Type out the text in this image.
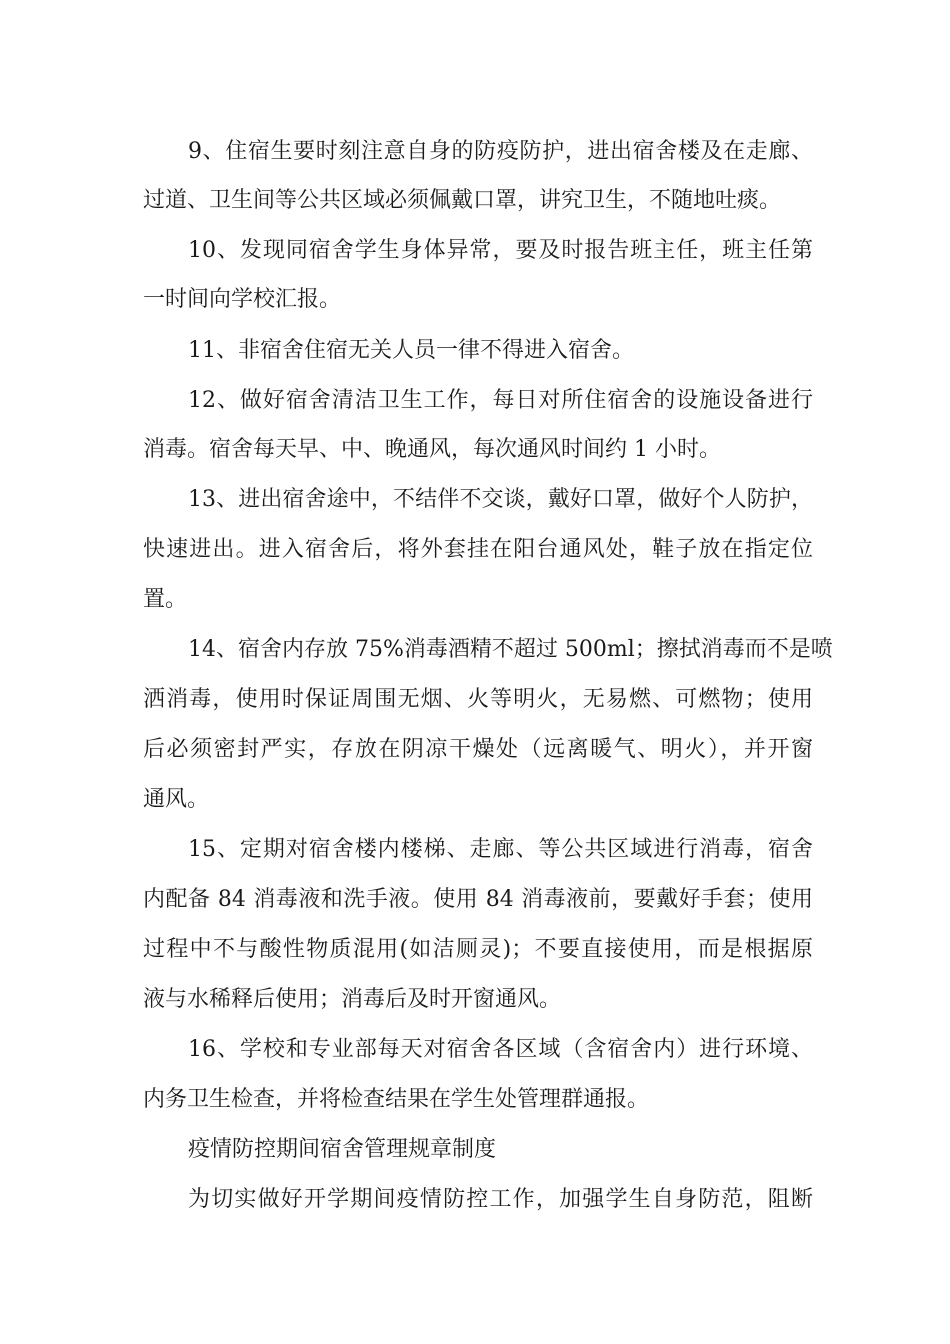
9、住宿生要时刻注意自身的防疫防护，进出宿舍楼及在走廊、
过道、卫生间等公共区域必须佩戴口罩，讲究卫生，不随地吐痰。
10、发现同宿舍学生身体异常，要及时报告班主任，班主任第
一时间向学校汇报。
11、非宿舍住宿无关人员一律不得进入宿舍。
12、做好宿舍清洁卫生工作，每日对所住宿舍的设施设备进行
消毒。宿舍每天早、中、晚通风，每次通风时间约 1 小时。
13、进出宿舍途中，不结伴不交谈，戴好口罩，做好个人防护，
快速进出。进入宿舍后，将外套挂在阳台通风处，鞋子放在指定位
置。
14、宿舍内存放 75%消毒酒精不超过 500ml；擦拭消毒而不是喷
洒消毒，使用时保证周围无烟、火等明火，无易燃、可燃物；使用
后必须密封严实，存放在阴凉干燥处（远离暖气、明火），并开窗
通风。
15、定期对宿舍楼内楼梯、走廊、等公共区域进行消毒，宿舍
内配备 84 消毒液和洗手液。使用 84 消毒液前，要戴好手套；使用
过程中不与酸性物质混用(如洁厕灵)；不要直接使用，而是根据原
液与水稀释后使用；消毒后及时开窗通风。
16、学校和专业部每天对宿舍各区域（含宿舍内）进行环境、
内务卫生检查，并将检查结果在学生处管理群通报。
疫情防控期间宿舍管理规章制度
为切实做好开学期间疫情防控工作，加强学生自身防范，阻断
